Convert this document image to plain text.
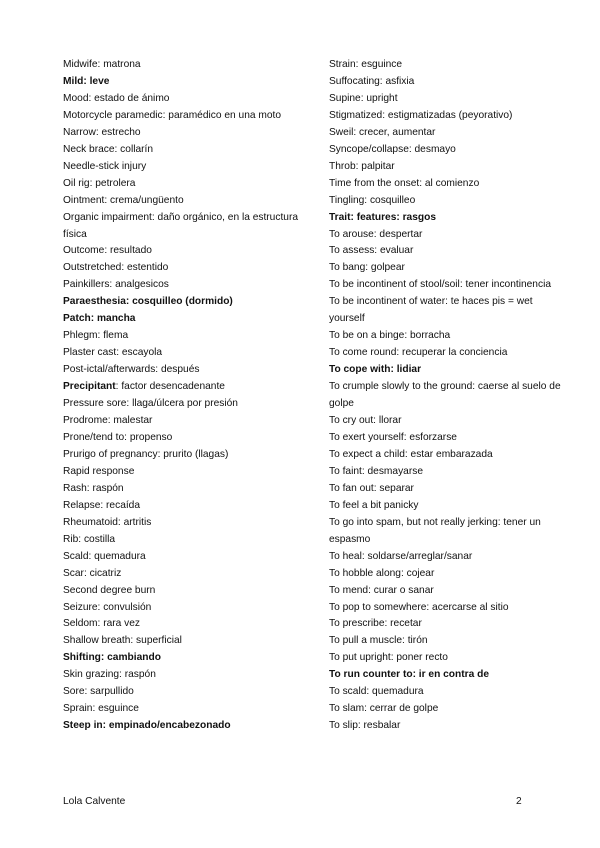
Midwife: matrona
Mild: leve
Mood: estado de ánimo
Motorcycle paramedic: paramédico en una moto
Narrow: estrecho
Neck brace: collarín
Needle-stick injury
Oil rig: petrolera
Ointment: crema/ungüento
Organic impairment: daño orgánico, en la estructura física
Outcome: resultado
Outstretched: estentido
Painkillers: analgesicos
Paraesthesia: cosquilleo (dormido)
Patch: mancha
Phlegm: flema
Plaster cast: escayola
Post-ictal/afterwards: después
Precipitant: factor desencadenante
Pressure sore: llaga/úlcera por presión
Prodrome: malestar
Prone/tend to: propenso
Prurigo of pregnancy: prurito (llagas)
Rapid response
Rash: raspón
Relapse: recaída
Rheumatoid: artritis
Rib: costilla
Scald: quemadura
Scar: cicatriz
Second degree burn
Seizure: convulsión
Seldom: rara vez
Shallow breath: superficial
Shifting: cambiando
Skin grazing: raspón
Sore: sarpullido
Sprain: esguince
Steep in: empinado/encabezonado
Strain: esguince
Suffocating: asfixia
Supine: upright
Stigmatized: estigmatizadas (peyorativo)
Sweil: crecer, aumentar
Syncope/collapse: desmayo
Throb: palpitar
Time from the onset: al comienzo
Tingling: cosquilleo
Trait: features: rasgos
To arouse: despertar
To assess: evaluar
To bang: golpear
To be incontinent of stool/soil: tener incontinencia
To be incontinent of water: te haces pis = wet yourself
To be on a binge: borracha
To come round: recuperar la conciencia
To cope with: lidiar
To crumple slowly to the ground: caerse al suelo de golpe
To cry out: llorar
To exert yourself: esforzarse
To expect a child: estar embarazada
To faint: desmayarse
To fan out: separar
To feel a bit panicky
To go into spam, but not really jerking: tener un espasmo
To heal: soldarse/arreglar/sanar
To hobble along: cojear
To mend: curar o sanar
To pop to somewhere: acercarse al sitio
To prescribe: recetar
To pull a muscle: tirón
To put upright: poner recto
To run counter to: ir en contra de
To scald: quemadura
To slam: cerrar de golpe
To slip: resbalar
Lola Calvente	2
